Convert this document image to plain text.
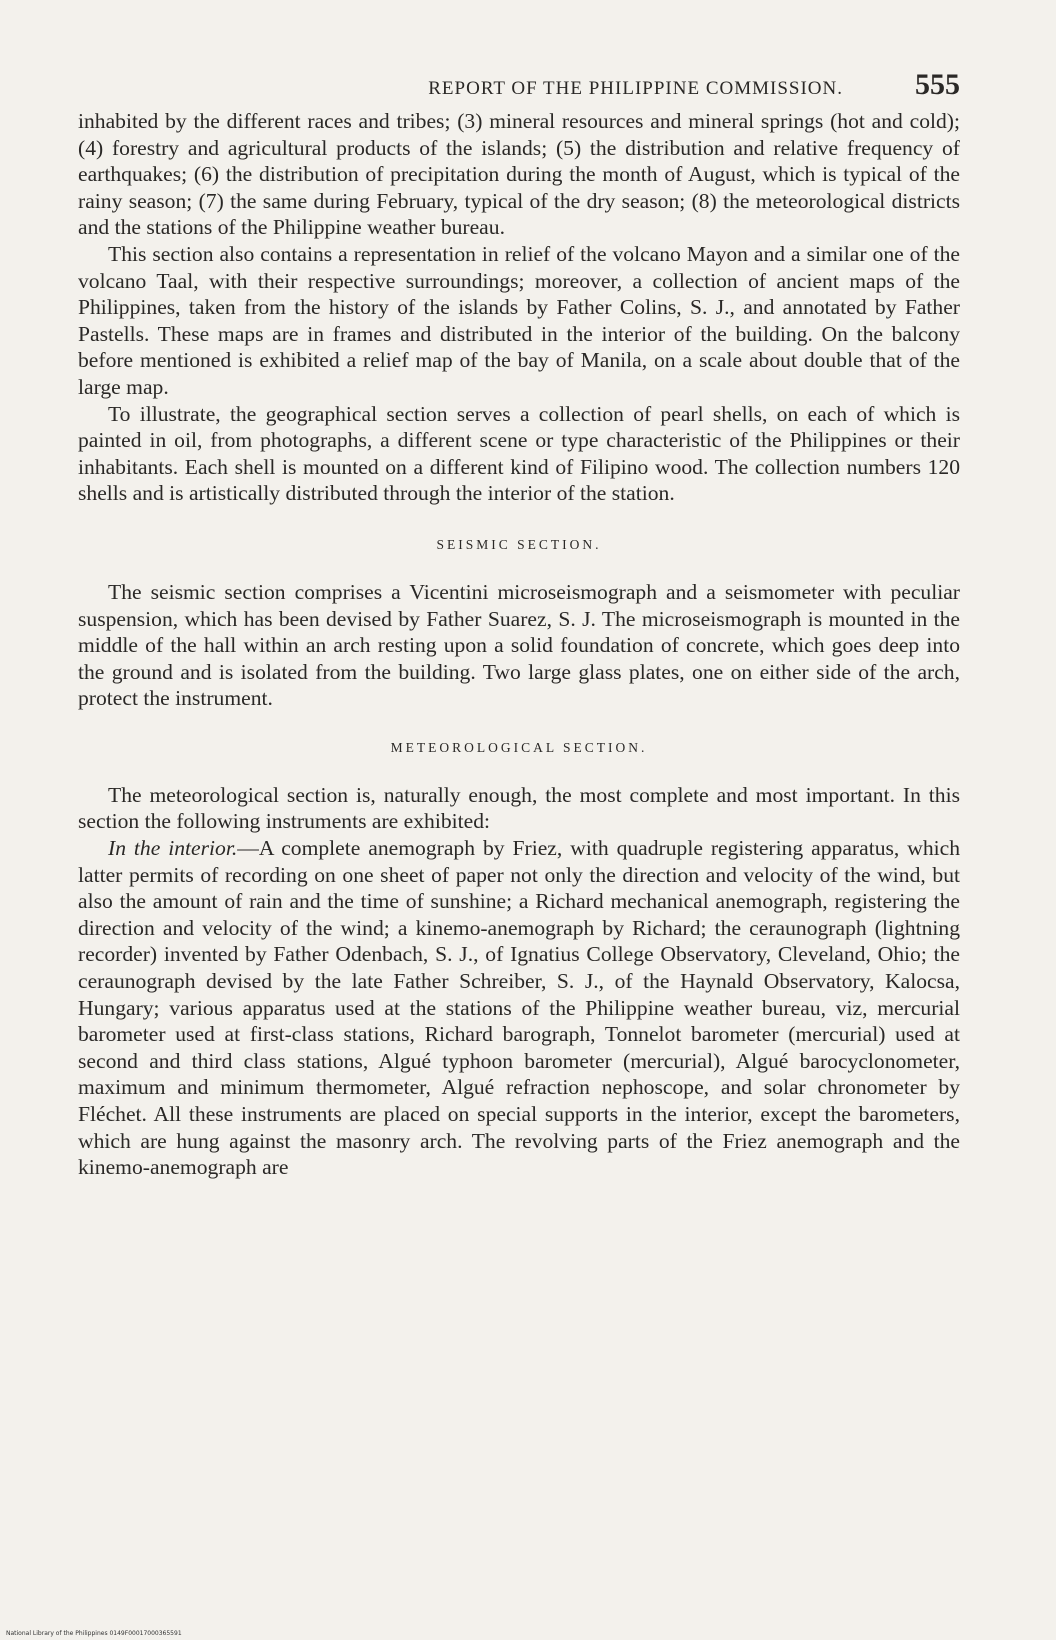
REPORT OF THE PHILIPPINE COMMISSION. 555

inhabited by the different races and tribes; (3) mineral resources and mineral springs (hot and cold); (4) forestry and agricultural products of the islands; (5) the distribution and relative frequency of earthquakes; (6) the distribution of precipitation during the month of August, which is typical of the rainy season; (7) the same during February, typical of the dry season; (8) the meteorological districts and the stations of the Philippine weather bureau.

This section also contains a representation in relief of the volcano Mayon and a similar one of the volcano Taal, with their respective surroundings; moreover, a collection of ancient maps of the Philippines, taken from the history of the islands by Father Colins, S. J., and annotated by Father Pastells. These maps are in frames and distributed in the interior of the building. On the balcony before mentioned is exhibited a relief map of the bay of Manila, on a scale about double that of the large map.

To illustrate, the geographical section serves a collection of pearl shells, on each of which is painted in oil, from photographs, a different scene or type characteristic of the Philippines or their inhabitants. Each shell is mounted on a different kind of Filipino wood. The collection numbers 120 shells and is artistically distributed through the interior of the station.

SEISMIC SECTION.

The seismic section comprises a Vicentini microseismograph and a seismometer with peculiar suspension, which has been devised by Father Suarez, S. J. The microseismograph is mounted in the middle of the hall within an arch resting upon a solid foundation of concrete, which goes deep into the ground and is isolated from the building. Two large glass plates, one on either side of the arch, protect the instrument.

METEOROLOGICAL SECTION.

The meteorological section is, naturally enough, the most complete and most important. In this section the following instruments are exhibited:

In the interior.—A complete anemograph by Friez, with quadruple registering apparatus, which latter permits of recording on one sheet of paper not only the direction and velocity of the wind, but also the amount of rain and the time of sunshine; a Richard mechanical anemograph, registering the direction and velocity of the wind; a kinemo-anemograph by Richard; the ceraunograph (lightning recorder) invented by Father Odenbach, S. J., of Ignatius College Observatory, Cleveland, Ohio; the ceraunograph devised by the late Father Schreiber, S. J., of the Haynald Observatory, Kalocsa, Hungary; various apparatus used at the stations of the Philippine weather bureau, viz, mercurial barometer used at first-class stations, Richard barograph, Tonnelot barometer (mercurial) used at second and third class stations, Algué typhoon barometer (mercurial), Algué barocyclonometer, maximum and minimum thermometer, Algué refraction nephoscope, and solar chronometer by Fléchet. All these instruments are placed on special supports in the interior, except the barometers, which are hung against the masonry arch. The revolving parts of the Friez anemograph and the kinemo-anemograph are

National Library of the Philippines 0149F00017000365591
